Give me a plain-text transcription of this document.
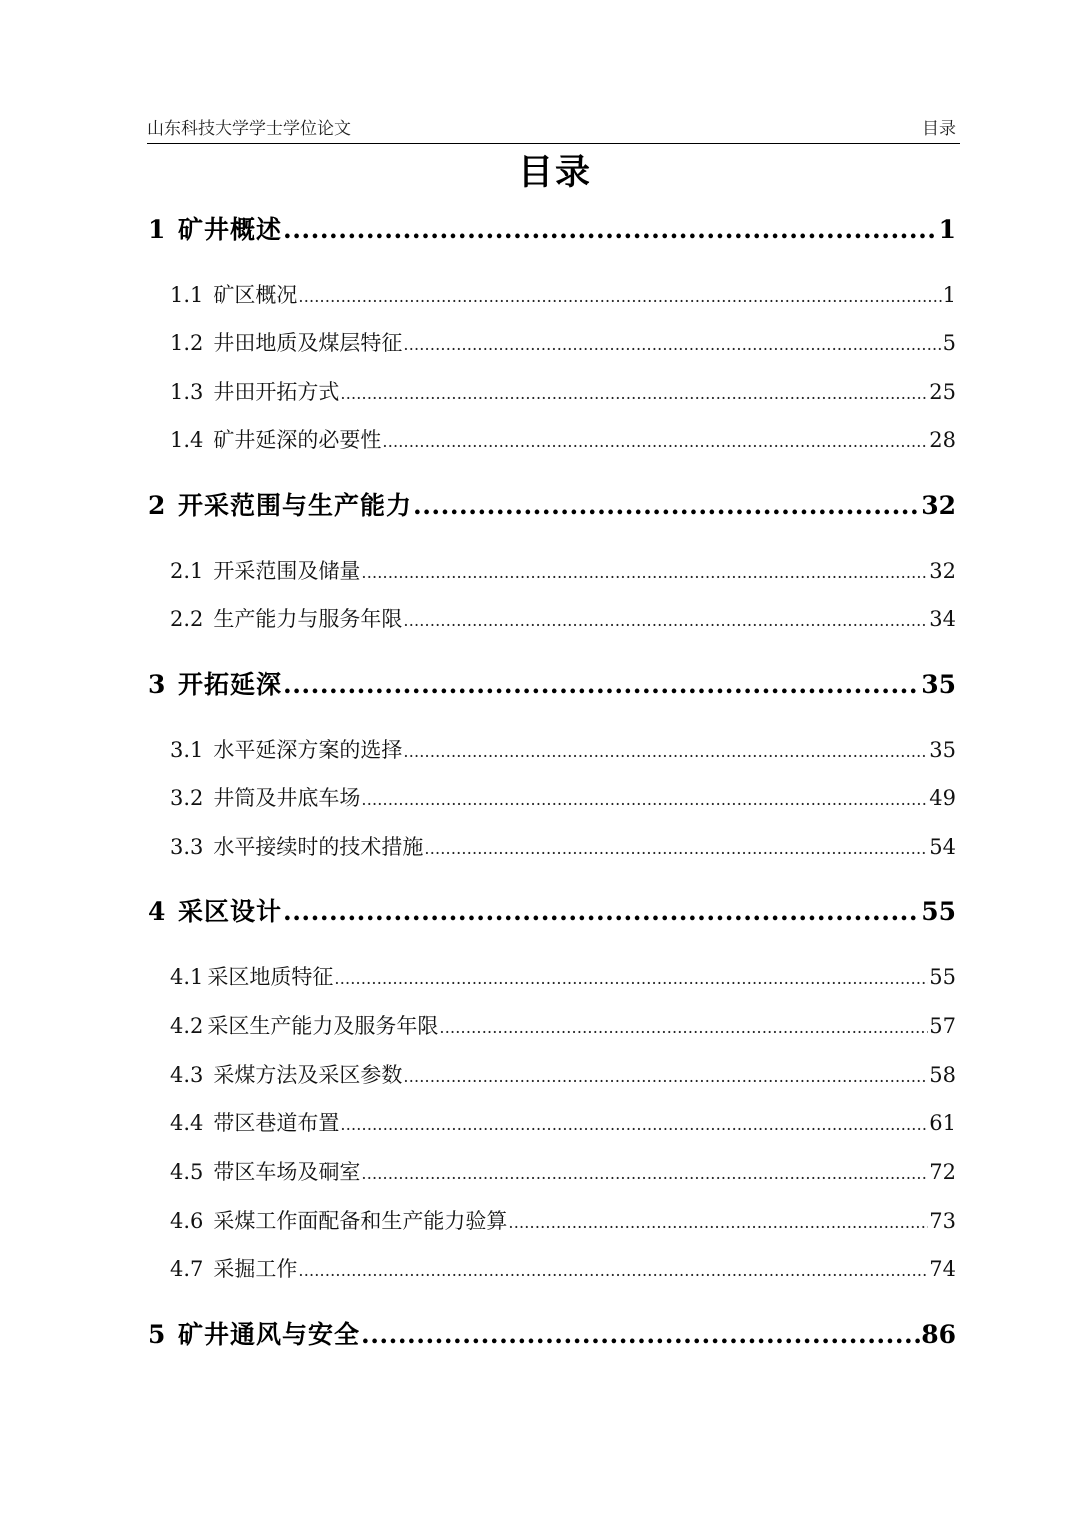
山东科技大学学士学位论文	目录
目录
1 矿井概述 .....	1
1.1 矿区概况 .....	1
1.2 井田地质及煤层特征 .....	5
1.3 井田开拓方式 .....	25
1.4 矿井延深的必要性 .....	28
2 开采范围与生产能力 .....	32
2.1 开采范围及储量 .....	32
2.2 生产能力与服务年限 .....	34
3 开拓延深 .....	35
3.1 水平延深方案的选择 .....	35
3.2 井筒及井底车场 .....	49
3.3 水平接续时的技术措施 .....	54
4 采区设计 .....	55
4.1 采区地质特征 .....	55
4.2 采区生产能力及服务年限 .....	57
4.3 采煤方法及采区参数 .....	58
4.4 带区巷道布置 .....	61
4.5 带区车场及硐室 .....	72
4.6 采煤工作面配备和生产能力验算 .....	73
4.7 采掘工作 .....	74
5 矿井通风与安全 .....	86
